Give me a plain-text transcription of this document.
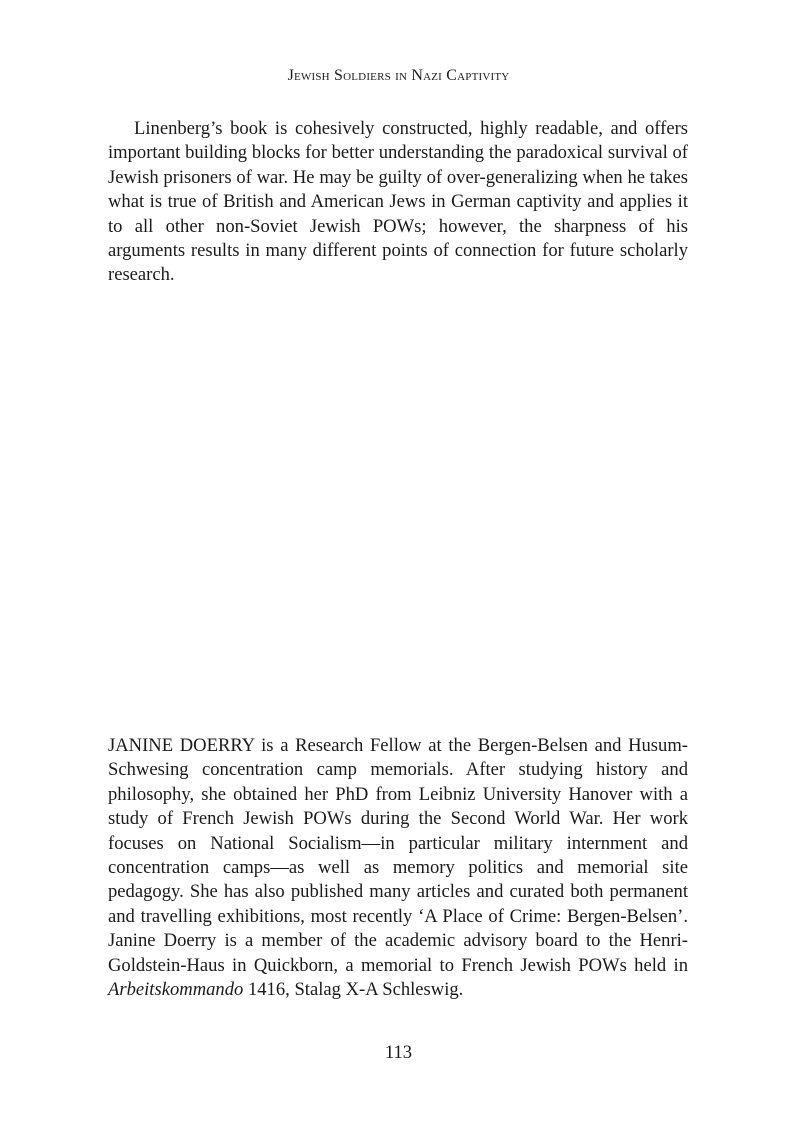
Jewish Soldiers in Nazi Captivity

Linenberg’s book is cohesively constructed, highly readable, and offers important building blocks for better understanding the paradoxical survival of Jewish prisoners of war. He may be guilty of over-generalizing when he takes what is true of British and American Jews in German captivity and applies it to all other non-Soviet Jewish POWs; however, the sharpness of his arguments results in many different points of connection for future scholarly research.

JANINE DOERRY is a Research Fellow at the Bergen-Belsen and Husum-Schwesing concentration camp memorials. After studying history and philosophy, she obtained her PhD from Leibniz University Hanover with a study of French Jewish POWs during the Second World War. Her work focuses on National Socialism—in particular military internment and concentration camps—as well as memory politics and memorial site pedagogy. She has also published many articles and curated both permanent and travelling exhibitions, most recently ‘A Place of Crime: Bergen-Belsen’. Janine Doerry is a member of the academic advisory board to the Henri-Goldstein-Haus in Quickborn, a memorial to French Jewish POWs held in Arbeitskommando 1416, Stalag X-A Schleswig.

113
